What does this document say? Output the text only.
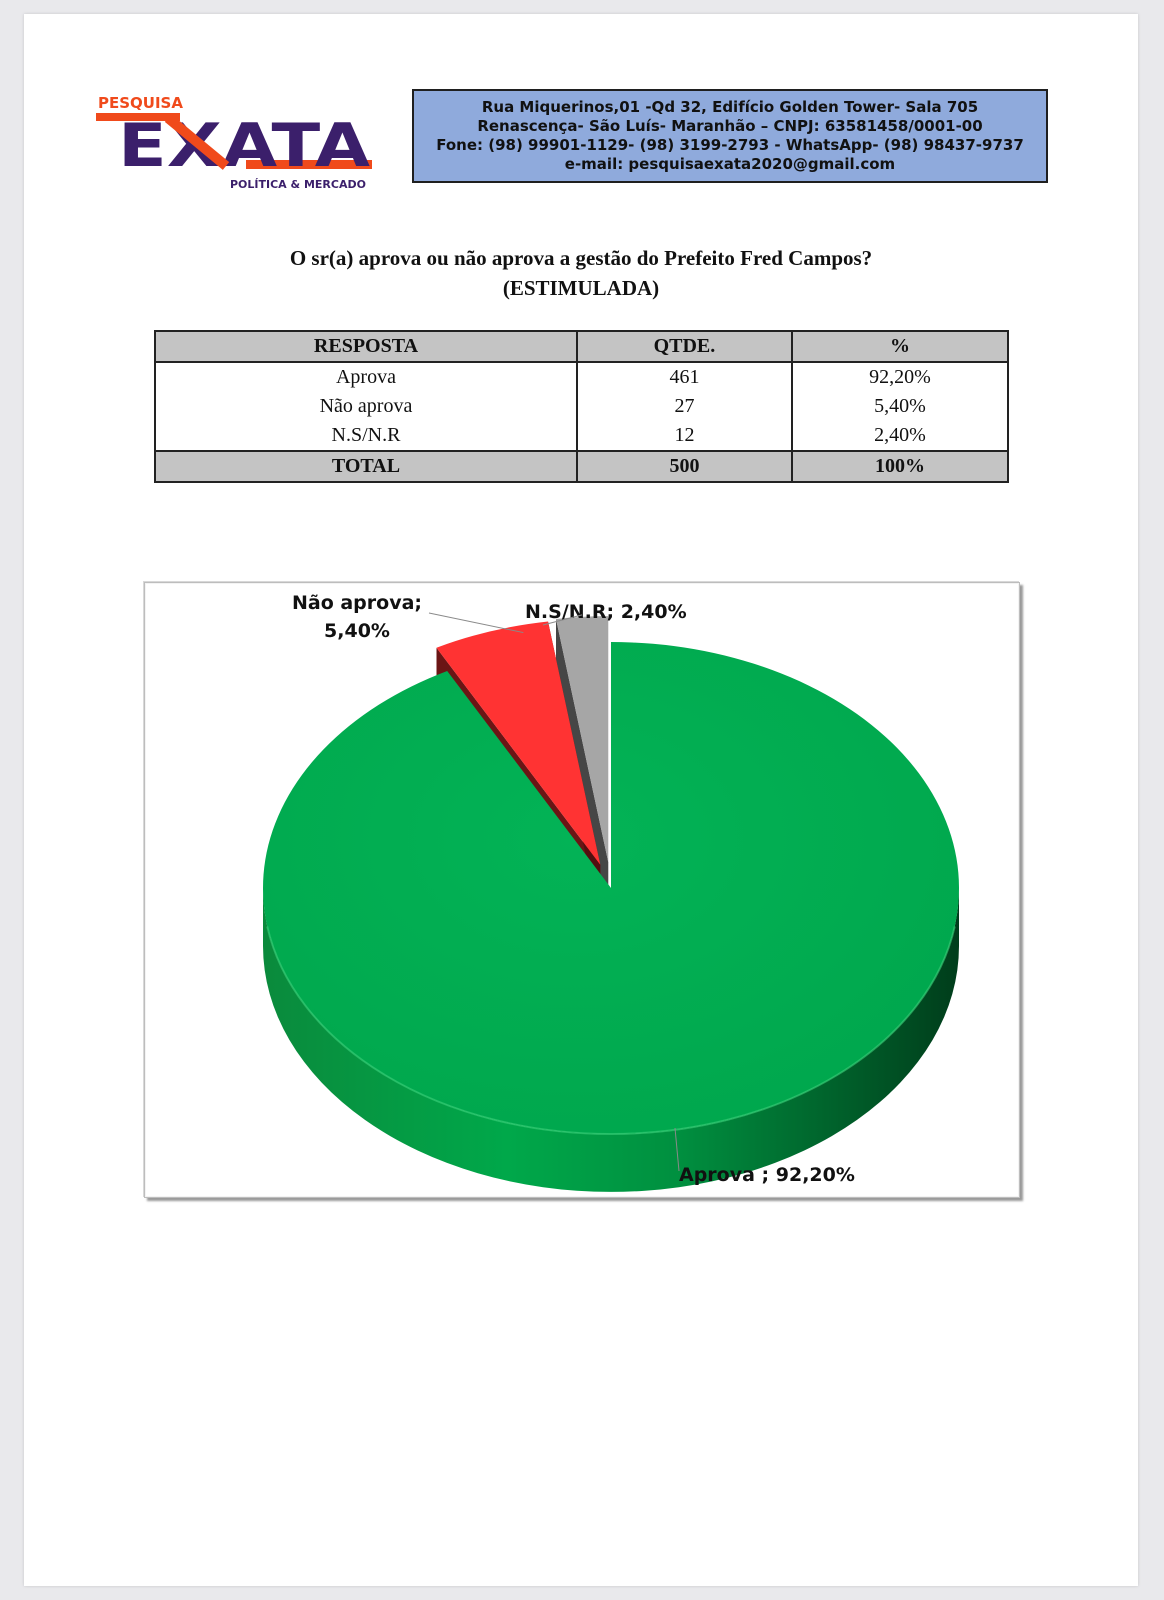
PESQUISA
EXATA
POLÍTICA & MERCADO
Rua Miquerinos,01 -Qd 32, Edifício Golden Tower- Sala 705
Renascença- São Luís- Maranhão – CNPJ: 63581458/0001-00
Fone: (98) 99901-1129- (98) 3199-2793 - WhatsApp- (98) 98437-9737
e-mail: pesquisaexata2020@gmail.com
O sr(a) aprova ou não aprova a gestão do Prefeito Fred Campos?
(ESTIMULADA)
RESPOSTA	QTDE.	%
Aprova	461	92,20%
Não aprova	27	5,40%
N.S/N.R	12	2,40%
TOTAL	500	100%
Aprova ; 92,20%
Não aprova;
5,40%
N.S/N.R; 2,40%
